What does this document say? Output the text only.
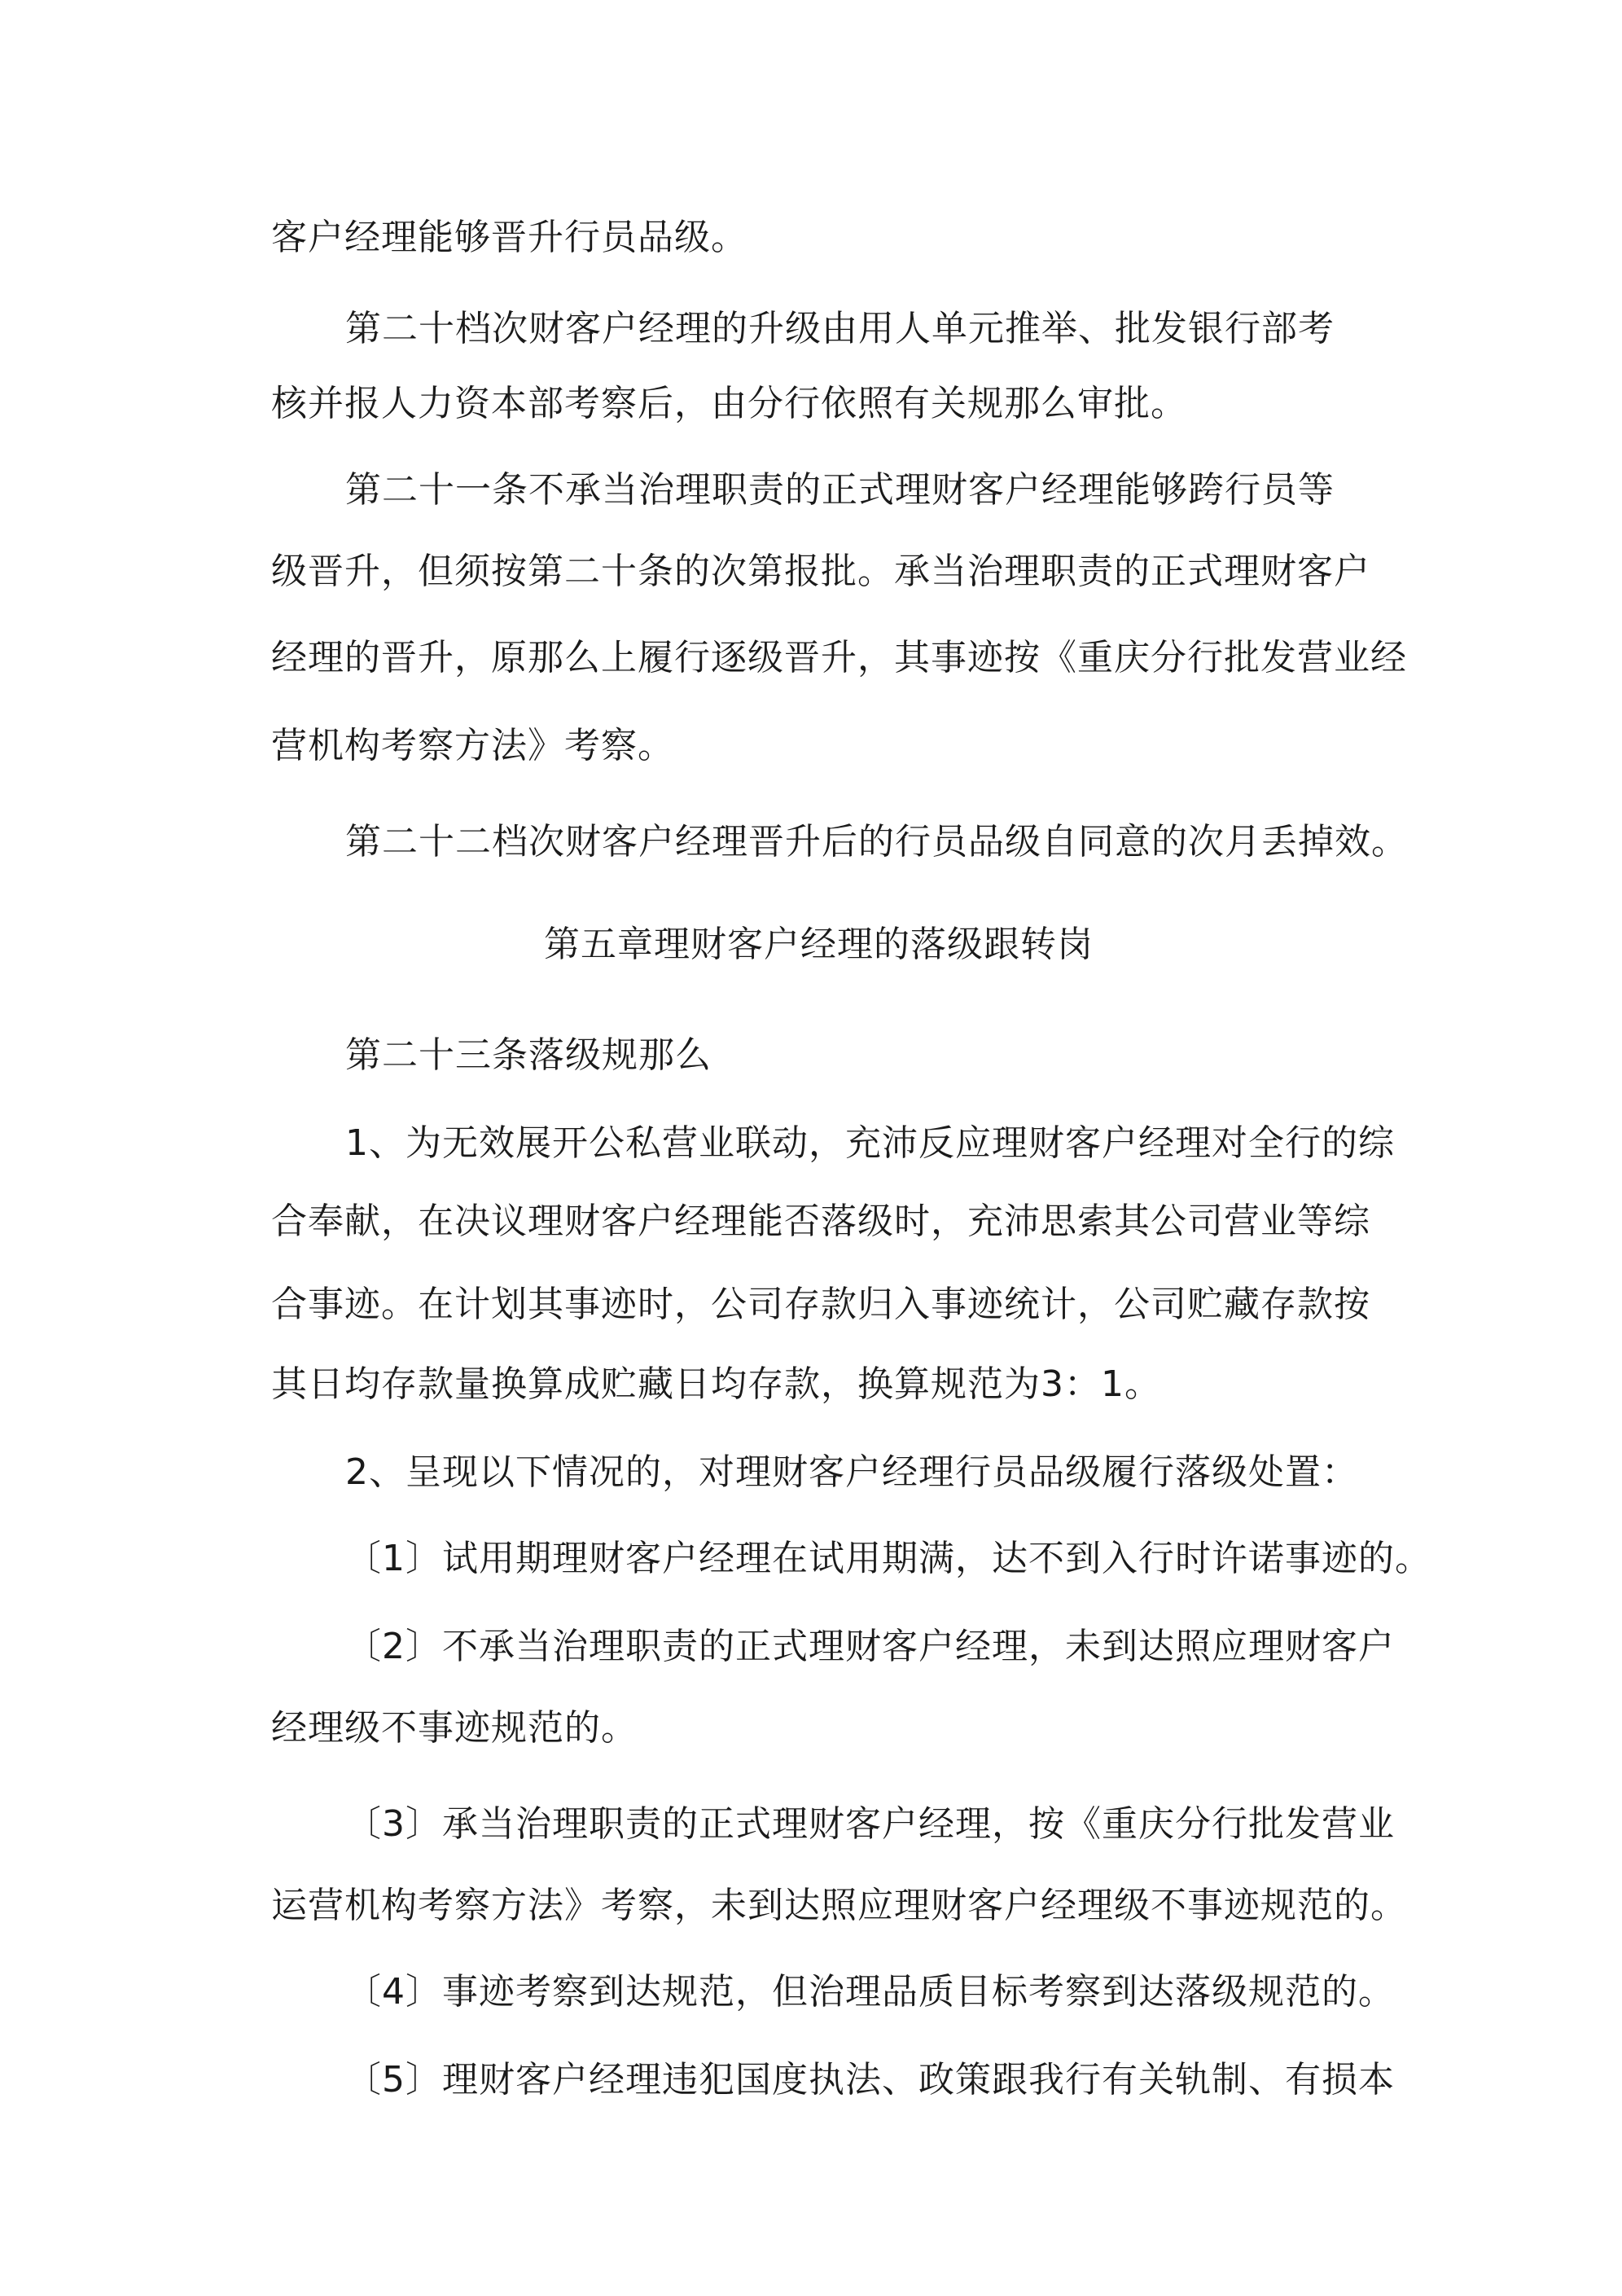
客户经理能够晋升行员品级。
第二十档次财客户经理的升级由用人单元推举、批发银行部考
核并报人力资本部考察后，由分行依照有关规那么审批。
第二十一条不承当治理职责的正式理财客户经理能够跨行员等
级晋升，但须按第二十条的次第报批。承当治理职责的正式理财客户
经理的晋升，原那么上履行逐级晋升，其事迹按《重庆分行批发营业经
营机构考察方法》考察。
第二十二档次财客户经理晋升后的行员品级自同意的次月丢掉效。
第五章理财客户经理的落级跟转岗
第二十三条落级规那么
1、为无效展开公私营业联动，充沛反应理财客户经理对全行的综
合奉献，在决议理财客户经理能否落级时，充沛思索其公司营业等综
合事迹。在计划其事迹时，公司存款归入事迹统计，公司贮藏存款按
其日均存款量换算成贮藏日均存款，换算规范为3：1。
2、呈现以下情况的，对理财客户经理行员品级履行落级处置：
〔1〕试用期理财客户经理在试用期满，达不到入行时许诺事迹的。
〔2〕不承当治理职责的正式理财客户经理，未到达照应理财客户
经理级不事迹规范的。
〔3〕承当治理职责的正式理财客户经理，按《重庆分行批发营业
运营机构考察方法》考察，未到达照应理财客户经理级不事迹规范的。
〔4〕事迹考察到达规范，但治理品质目标考察到达落级规范的。
〔5〕理财客户经理违犯国度执法、政策跟我行有关轨制、有损本
